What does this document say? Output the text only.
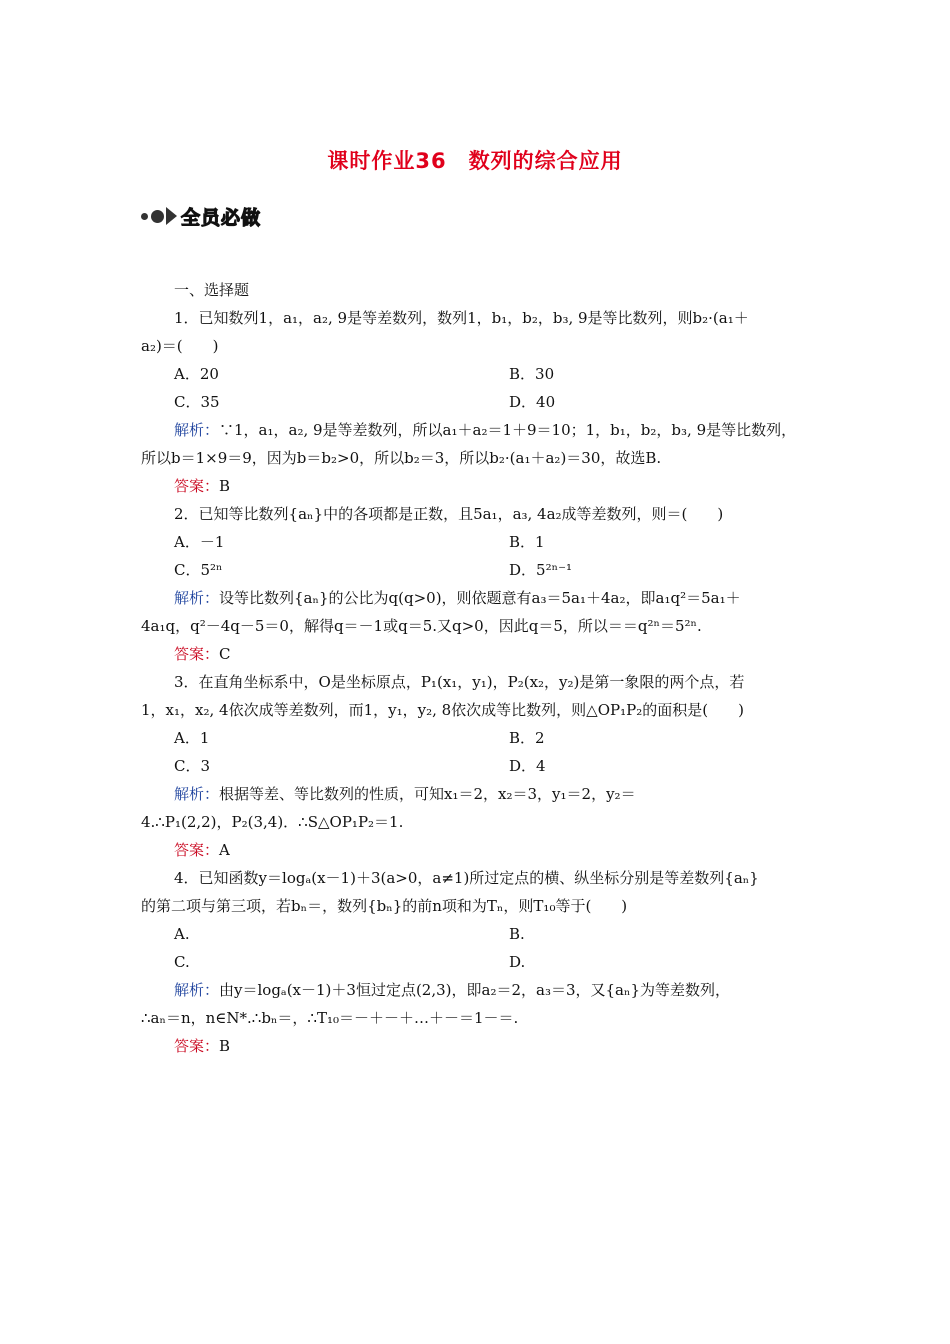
课时作业36　数列的综合应用
全员必做
一、选择题
1．已知数列1，a₁，a₂, 9是等差数列，数列1，b₁，b₂，b₃, 9是等比数列，则b₂·(a₁＋
a₂)＝(　　)
A．20	B．30
C．35	D．40
解析：∵1，a₁，a₂, 9是等差数列，所以a₁＋a₂＝1＋9＝10；1，b₁，b₂，b₃, 9是等比数列，
所以b＝1×9＝9，因为b＝b₂>0，所以b₂＝3，所以b₂·(a₁＋a₂)＝30，故选B.
答案：B
2．已知等比数列{aₙ}中的各项都是正数，且5a₁，a₃, 4a₂成等差数列，则＝(　　)
A．－1	B．1
C．5²ⁿ	D．5²ⁿ⁻¹
解析：设等比数列{aₙ}的公比为q(q>0)，则依题意有a₃＝5a₁＋4a₂，即a₁q²＝5a₁＋
4a₁q，q²－4q－5＝0，解得q＝－1或q＝5.又q>0，因此q＝5，所以＝＝q²ⁿ＝5²ⁿ.
答案：C
3．在直角坐标系中，O是坐标原点，P₁(x₁，y₁)，P₂(x₂，y₂)是第一象限的两个点，若
1，x₁，x₂, 4依次成等差数列，而1，y₁，y₂, 8依次成等比数列，则△OP₁P₂的面积是(　　)
A．1	B．2
C．3	D．4
解析：根据等差、等比数列的性质，可知x₁＝2，x₂＝3，y₁＝2，y₂＝
4.∴P₁(2,2)，P₂(3,4)．∴S△OP₁P₂＝1.
答案：A
4．已知函数y＝logₐ(x－1)＋3(a>0，a≠1)所过定点的横、纵坐标分别是等差数列{aₙ}
的第二项与第三项，若bₙ＝，数列{bₙ}的前n项和为Tₙ，则T₁₀等于(　　)
A.	B.
C.	D.
解析：由y＝logₐ(x－1)＋3恒过定点(2,3)，即a₂＝2，a₃＝3，又{aₙ}为等差数列，
∴aₙ＝n，n∈N*.∴bₙ＝，∴T₁₀＝－＋－＋…＋－＝1－＝.
答案：B
